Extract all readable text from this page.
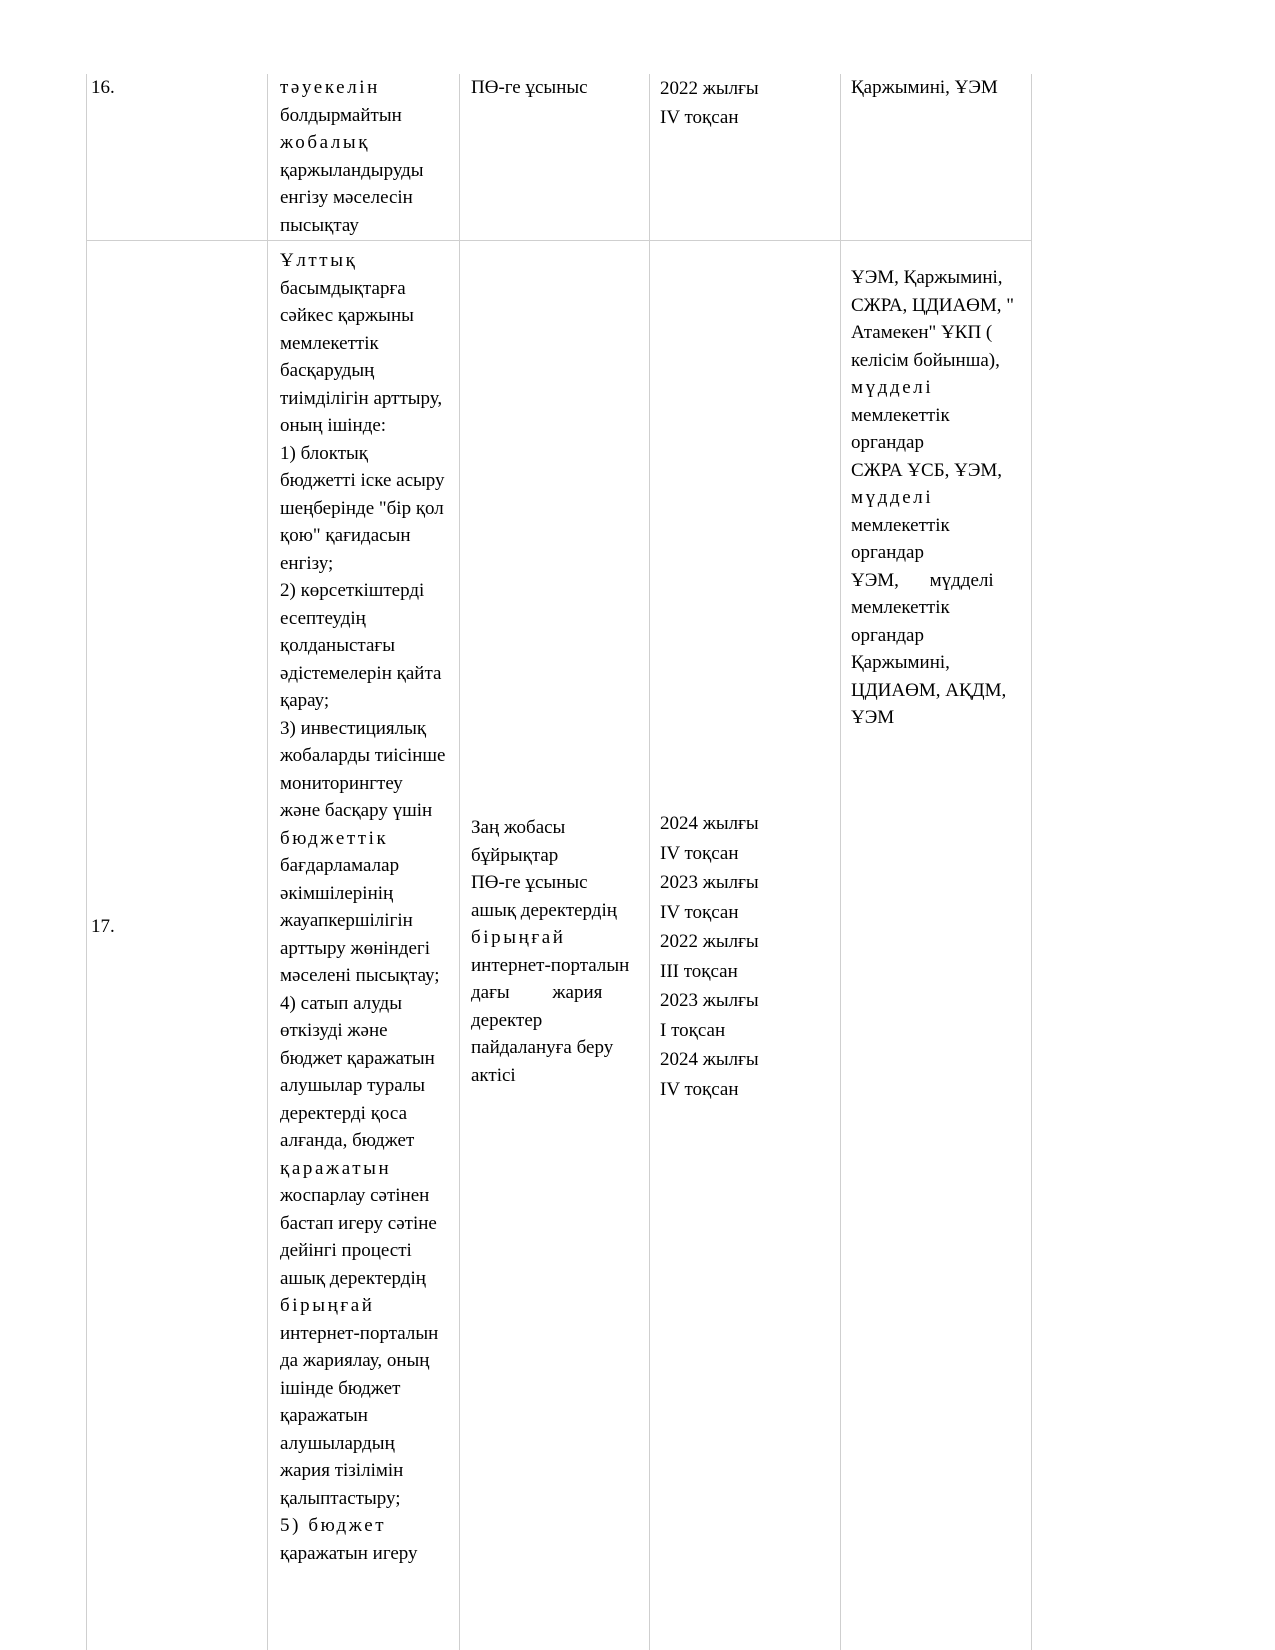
16.	тәуекелін
болдырмайтын
жобалық
қаржыландыруды
енгізу мәселесін
пысықтау
ПӨ-ге ұсыныс	2022 жылғы
IV тоқсан
Қаржымині, ҰЭМ
17.
Ұлттық
басымдықтарға
сәйкес қаржыны
мемлекеттік
басқарудың
тиімділігін арттыру,
оның ішінде:
1) блоктық
бюджетті іске асыру
шеңберінде "бір қол
қою" қағидасын
енгізу;
2) көрсеткіштерді
есептеудің
қолданыстағы
әдістемелерін қайта
қарау;
3) инвестициялық
жобаларды тиісінше
мониторингтеу
және басқару үшін
бюджеттік
бағдарламалар
әкімшілерінің
жауапкершілігін
арттыру жөніндегі
мәселені пысықтау;
4) сатып алуды
өткізуді және
бюджет қаражатын
алушылар туралы
деректерді қоса
алғанда, бюджет
қаражатын
жоспарлау сәтінен
бастап игеру сәтіне
дейінгі процесті
ашық деректердің
бірыңғай
интернет-порталын
да жариялау, оның
ішінде бюджет
қаражатын
алушылардың
жария тізілімін
қалыптастыру;
5) бюджет
қаражатын игеру
Заң жобасы
бұйрықтар
ПӨ-ге ұсыныс
ашық деректердің
бірыңғай
интернет-порталын
дағы жария
деректер
пайдалануға беру
актісі
2024 жылғы
IV тоқсан
2023 жылғы
IV тоқсан
2022 жылғы
III тоқсан
2023 жылғы
І тоқсан
2024 жылғы
IV тоқсан
ҰЭМ, Қаржымині,
СЖРА, ЦДИАӨМ, "
Атамекен" ҰКП (
келісім бойынша),
мүдделі
мемлекеттік
органдар
СЖРА ҰСБ, ҰЭМ,
мүдделі
мемлекеттік
органдар
ҰЭМ, мүдделі
мемлекеттік
органдар
Қаржымині,
ЦДИАӨМ, АҚДМ,
ҰЭМ
